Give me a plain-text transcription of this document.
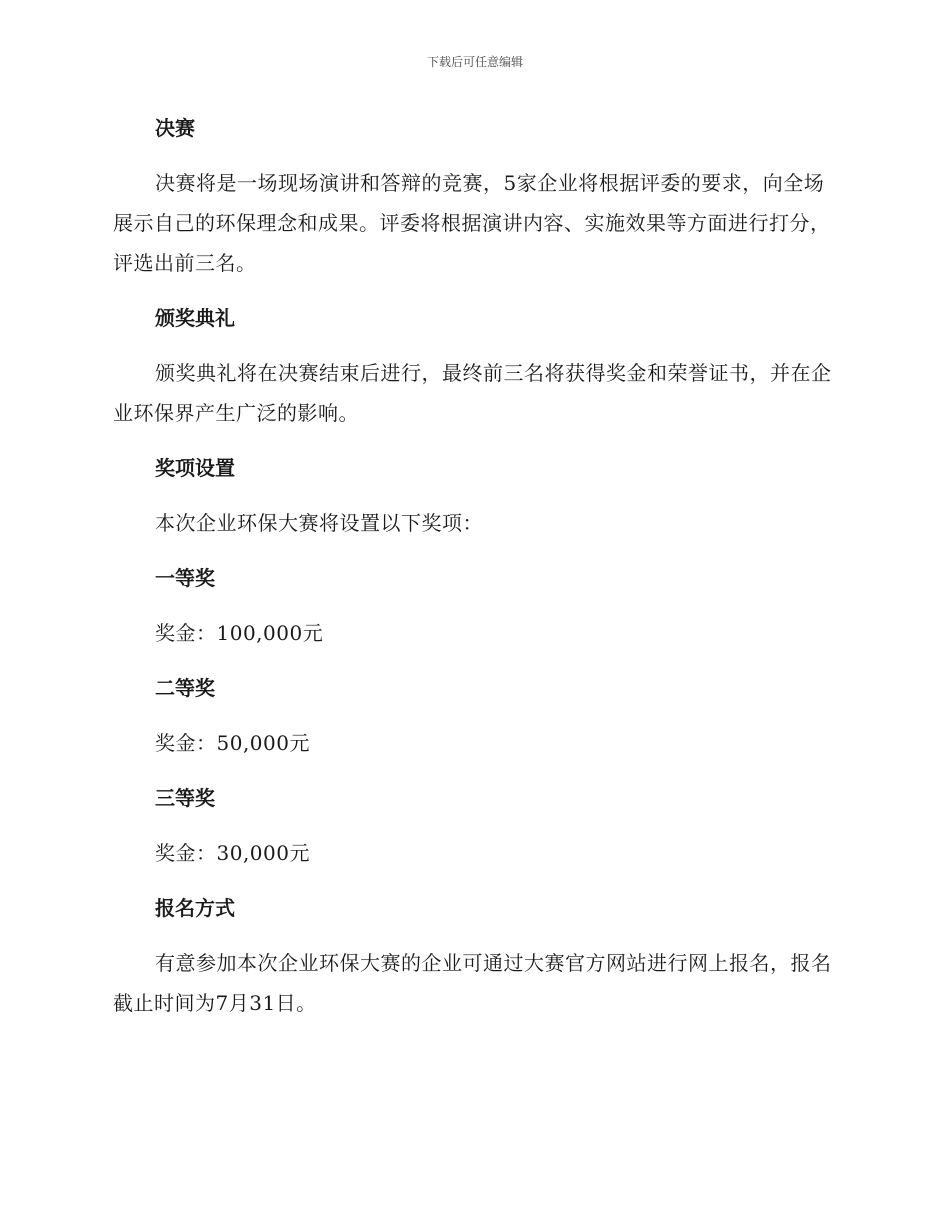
下载后可任意编辑
决赛

决赛将是一场现场演讲和答辩的竞赛，5家企业将根据评委的要求，向全场展示自己的环保理念和成果。评委将根据演讲内容、实施效果等方面进行打分，评选出前三名。

颁奖典礼

颁奖典礼将在决赛结束后进行，最终前三名将获得奖金和荣誉证书，并在企业环保界产生广泛的影响。

奖项设置

本次企业环保大赛将设置以下奖项：

一等奖

奖金：100,000元

二等奖

奖金：50,000元

三等奖

奖金：30,000元

报名方式

有意参加本次企业环保大赛的企业可通过大赛官方网站进行网上报名，报名截止时间为7月31日。
